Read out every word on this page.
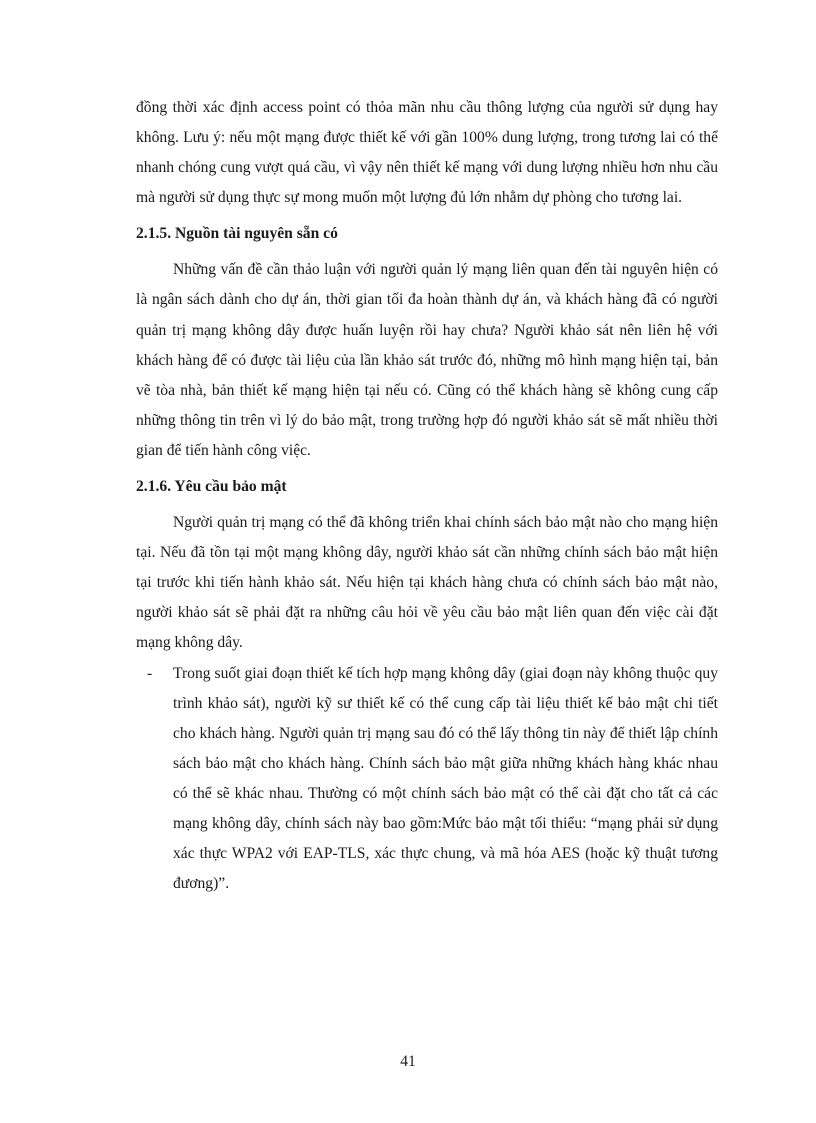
đồng thời xác định access point có thỏa mãn nhu cầu thông lượng của người sử dụng hay không. Lưu ý: nếu một mạng được thiết kế với gần 100% dung lượng, trong tương lai có thể nhanh chóng cung vượt quá cầu, vì vậy nên thiết kế mạng với dung lượng nhiều hơn nhu cầu mà người sử dụng thực sự mong muốn một lượng đủ lớn nhằm dự phòng cho tương lai.

2.1.5. Nguồn tài nguyên sẵn có

Những vấn đề cần thảo luận với người quản lý mạng liên quan đến tài nguyên hiện có là ngân sách dành cho dự án, thời gian tối đa hoàn thành dự án, và khách hàng đã có người quản trị mạng không dây được huấn luyện rồi hay chưa? Người khảo sát nên liên hệ với khách hàng để có được tài liệu của lần khảo sát trước đó, những mô hình mạng hiện tại, bản vẽ tòa nhà, bản thiết kế mạng hiện tại nếu có. Cũng có thể khách hàng sẽ không cung cấp những thông tin trên vì lý do bảo mật, trong trường hợp đó người khảo sát sẽ mất nhiều thời gian để tiến hành công việc.

2.1.6. Yêu cầu bảo mật

Người quản trị mạng có thể đã không triển khai chính sách bảo mật nào cho mạng hiện tại. Nếu đã tồn tại một mạng không dây, người khảo sát cần những chính sách bảo mật hiện tại trước khi tiến hành khảo sát. Nếu hiện tại khách hàng chưa có chính sách bảo mật nào, người khảo sát sẽ phải đặt ra những câu hỏi về yêu cầu bảo mật liên quan đến việc cài đặt mạng không dây.

- Trong suốt giai đoạn thiết kế tích hợp mạng không dây (giai đoạn này không thuộc quy trình khảo sát), người kỹ sư thiết kế có thể cung cấp tài liệu thiết kế bảo mật chi tiết cho khách hàng. Người quản trị mạng sau đó có thể lấy thông tin này để thiết lập chính sách bảo mật cho khách hàng. Chính sách bảo mật giữa những khách hàng khác nhau có thể sẽ khác nhau. Thường có một chính sách bảo mật có thể cài đặt cho tất cả các mạng không dây, chính sách này bao gồm:Mức bảo mật tối thiểu: “mạng phải sử dụng xác thực WPA2 với EAP-TLS, xác thực chung, và mã hóa AES (hoặc kỹ thuật tương đương)”.
41
